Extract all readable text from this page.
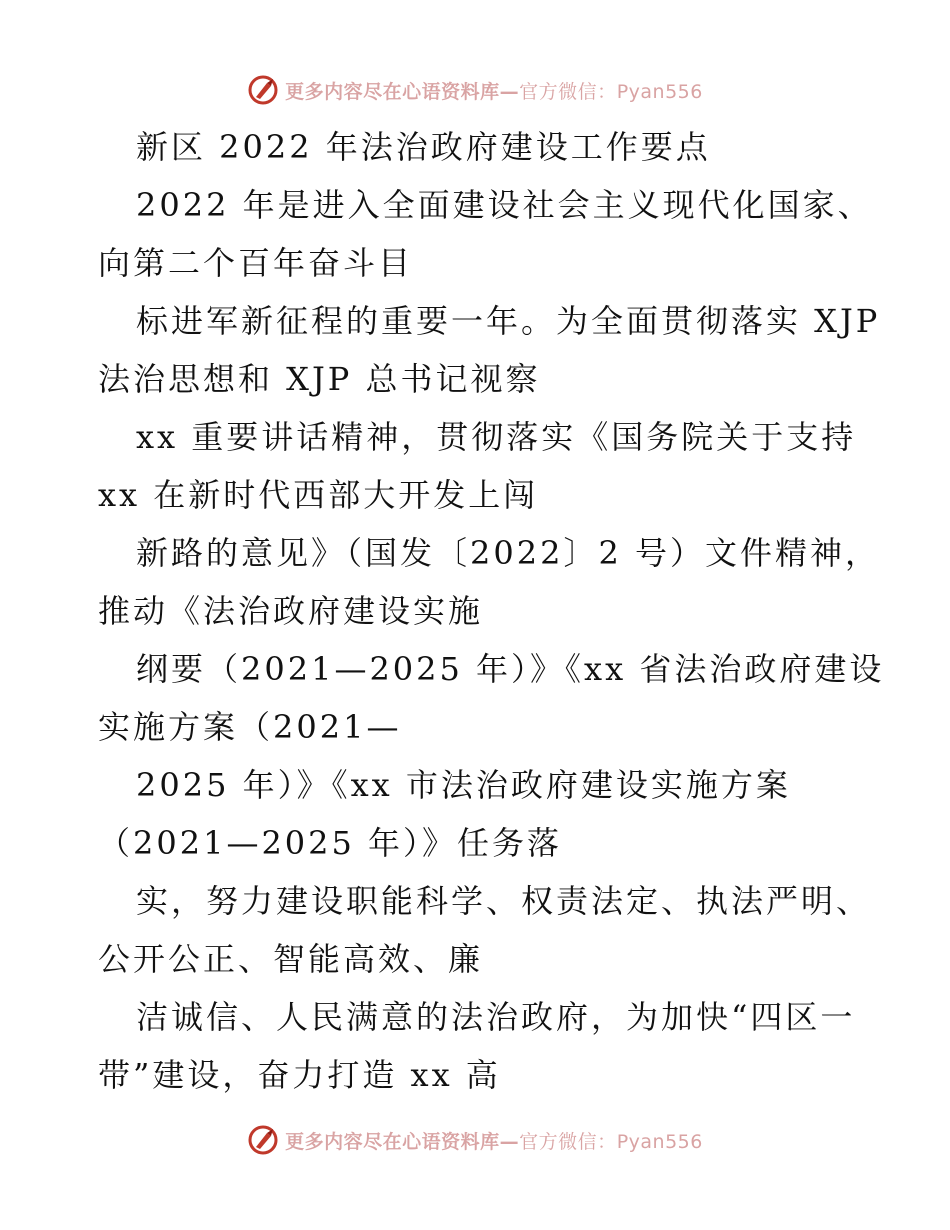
更多内容尽在心语资料库—官方微信：Pyan556
新区 2022 年法治政府建设工作要点
2022 年是进入全面建设社会主义现代化国家、
向第二个百年奋斗目
标进军新征程的重要一年。为全面贯彻落实 XJP
法治思想和 XJP 总书记视察
xx 重要讲话精神，贯彻落实《国务院关于支持
xx 在新时代西部大开发上闯
新路的意见》（国发〔2022〕2 号）文件精神，
推动《法治政府建设实施
纲要（2021—2025 年）》《xx 省法治政府建设
实施方案（2021—
2025 年）》《xx 市法治政府建设实施方案
（2021—2025 年）》任务落
实，努力建设职能科学、权责法定、执法严明、
公开公正、智能高效、廉
洁诚信、人民满意的法治政府，为加快“四区一
带”建设，奋力打造 xx 高
更多内容尽在心语资料库—官方微信：Pyan556
